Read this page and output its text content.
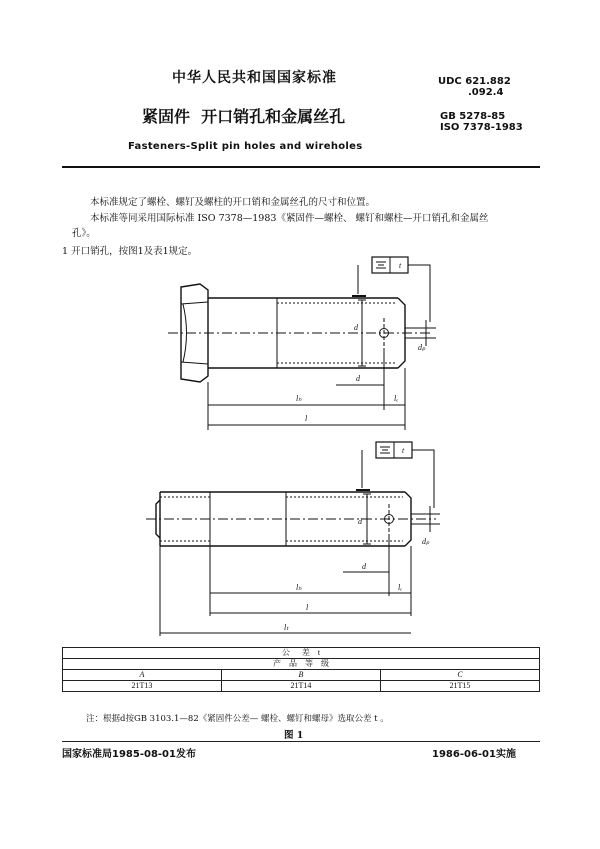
中华人民共和国国家标准	UDC 621.882
.092.4
紧固件  开口销孔和金属丝孔	GB 5278-85
ISO 7378-1983
Fasteners-Split pin holes and wireholes
本标准规定了螺栓、螺钉及螺柱的开口销和金属丝孔的尺寸和位置。
本标准等同采用国际标准 ISO 7378—1983《紧固件—螺栓、 螺钉和螺柱—开口销孔和金属丝
孔》。
1 开口销孔，按图1及表1规定。
t
d
dₚ
d
lₕ	lₑ
l
t
d
dₚ
d
lₕ	lₑ
l
lₜ
公      差    t		
产    品    等    级		
A	B	C
21T13	21T14	21T15
注：根据d按GB 3103.1—82《紧固件公差— 螺栓、螺钉和螺母》选取公差 t 。
图 1
国家标准局1985-08-01发布	1986-06-01实施
